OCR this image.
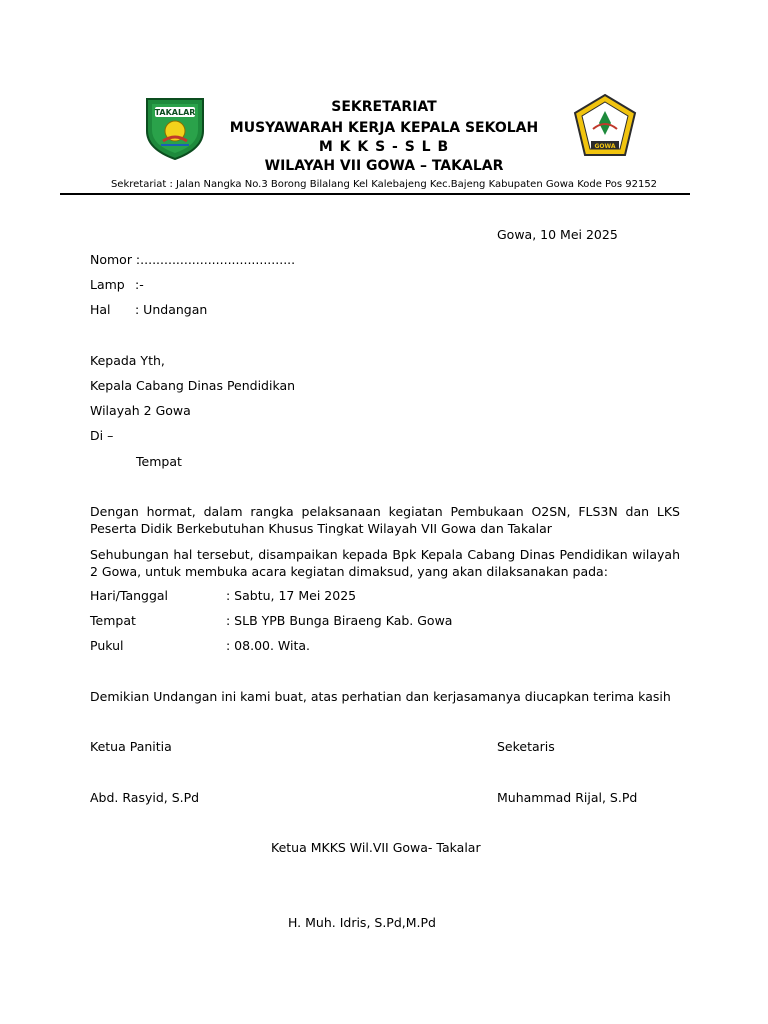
TAKALAR
GOWA
SEKRETARIAT
MUSYAWARAH KERJA KEPALA SEKOLAH
M K K S - S L B
WILAYAH VII GOWA – TAKALAR
Sekretariat : Jalan Nangka No.3 Borong Bilalang Kel Kalebajeng Kec.Bajeng Kabupaten Gowa Kode Pos 92152
Gowa, 10 Mei 2025
Nomor :.......................................
Lamp :-
Hal : Undangan
Kepada Yth,
Kepala Cabang Dinas Pendidikan
Wilayah 2 Gowa
Di –
Tempat
Dengan hormat, dalam rangka pelaksanaan kegiatan Pembukaan O2SN, FLS3N dan LKS Peserta Didik Berkebutuhan Khusus Tingkat Wilayah VII Gowa dan Takalar
Sehubungan hal tersebut, disampaikan kepada Bpk Kepala Cabang Dinas Pendidikan wilayah 2 Gowa, untuk membuka acara kegiatan dimaksud, yang akan dilaksanakan pada:
Hari/Tanggal	: Sabtu, 17 Mei 2025
Tempat	: SLB YPB Bunga Biraeng Kab. Gowa
Pukul	: 08.00. Wita.
Demikian Undangan ini kami buat, atas perhatian dan kerjasamanya diucapkan terima kasih
Ketua Panitia	Seketaris
Abd. Rasyid, S.Pd	Muhammad Rijal, S.Pd
Ketua MKKS Wil.VII Gowa- Takalar
H. Muh. Idris, S.Pd,M.Pd
